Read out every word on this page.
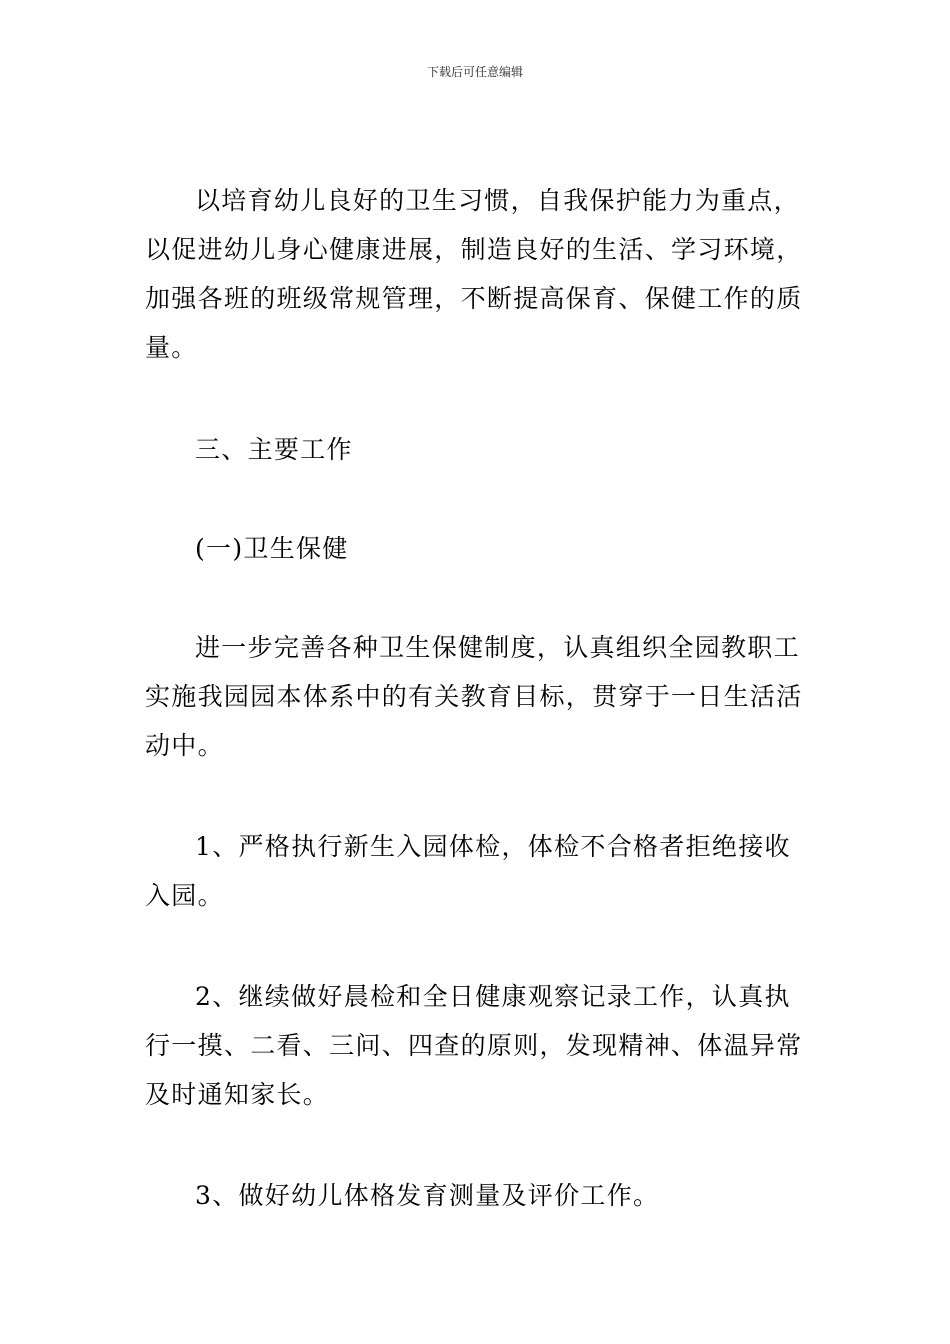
下载后可任意编辑

以培育幼儿良好的卫生习惯，自我保护能力为重点，以促进幼儿身心健康进展，制造良好的生活、学习环境，加强各班的班级常规管理，不断提高保育、保健工作的质量。

三、主要工作

(一)卫生保健

进一步完善各种卫生保健制度，认真组织全园教职工实施我园园本体系中的有关教育目标，贯穿于一日生活活动中。

1、严格执行新生入园体检，体检不合格者拒绝接收入园。

2、继续做好晨检和全日健康观察记录工作，认真执行一摸、二看、三问、四查的原则，发现精神、体温异常及时通知家长。

3、做好幼儿体格发育测量及评价工作。
